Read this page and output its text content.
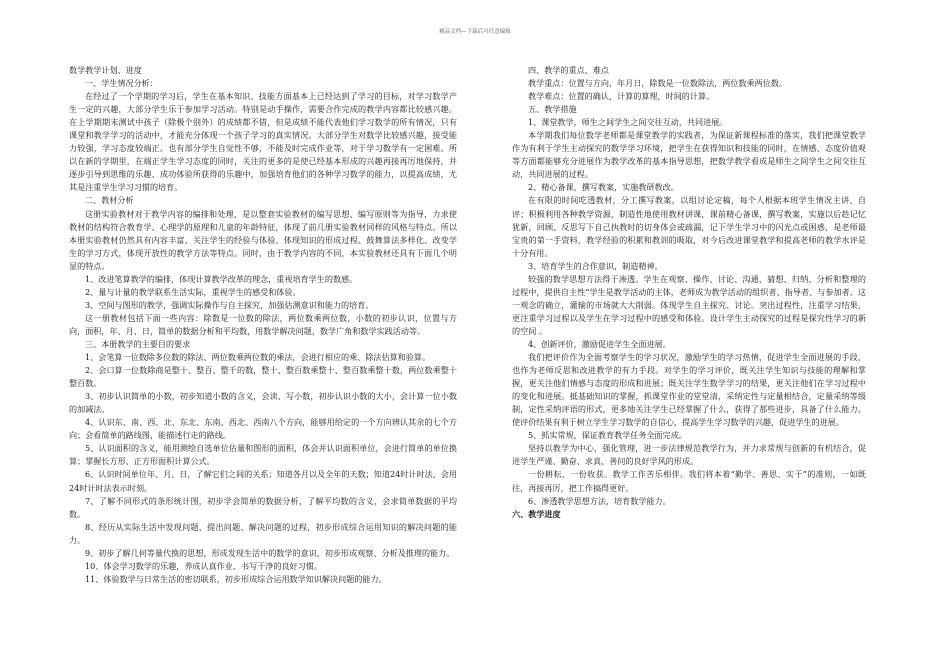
精品文档---下载后可任意编辑

数学教学计划、进度

一、学生情况分析：

在经过了一个学期的学习后，学生在基本知识、技能方面基本上已经达到了学习的目标，对学习数学产生一定的兴趣，大部分学生乐于参加学习活动。特别是动手操作，需要合作完成的教学内容都比较感兴趣。在上学期期末测试中孩子（除极个别外）的成绩都不错，但是成绩不能代表他们学习数学的所有情况，只有课堂和教学学习的活动中，才能充分体现一个孩子学习的真实情况。大部分学生对数学比较感兴趣，接受能力较强，学习态度较端正。也有部分学生自觉性不够，不能及时完成作业等，对于学习数学有一定困难。所以在新的学期里，在端正学生学习态度的同时，关注的更多的是使已经基本形成的兴趣再接再厉地保持，并逐步引导到思维的乐趣、成功体验所获得的乐趣中，加强培育他们的各种学习数学的能力，以提高成绩，尤其是注重学生学习习惯的培育。

二、教材分析

这册实验教材对于教学内容的编排和处理，是以整套实验教材的编写思想、编写原则等为指导，力求使教材的结构符合教育学、心理学的原理和儿童的年龄特征，体现了前几册实验教材同样的风格与特点。所以本册实验教材仍然具有内容丰富、关注学生的经验与体验、体现知识的形成过程、鼓舞算法多样化、改变学生的学习方式，体现开放性的教学方法等特点。同时，由于教学内容的不同，本实验教材还具有下面几个明显的特点。

1、改进笔算教学的编排，体现计算教学改革的理念，重视培育学生的数感。

2、量与计量的教学联系生活实际，重视学生的感受和体验。

3、空间与图形的教学，强调实际操作与自主探究，加强估测意识和能力的培育。

这一册教材包括下面一些内容：除数是一位数的除法，两位数乘两位数，小数的初步认识，位置与方向，面积，年、月、日，简单的数据分析和平均数，用数学解决问题，数学广角和数学实践活动等。

三、本册教学的主要目的要求

1、会笔算一位数除多位数的除法、两位数乘两位数的乘法，会进行相应的乘、除法估算和验算。

2、会口算一位数除商是整十、整百、整千的数，整十、整百数乘整十、整百数乘整十数，两位数乘整十整百数。

3、初步认识简单的小数，初步知道小数的含义，会读、写小数，初步认识小数的大小，会计算一位小数的加减法。

4、认识东、南、西、北、东北、东南、西北、西南八个方向，能够用给定的一个方向辨认其余的七个方向；会看简单的路线图，能描述行走的路线。

5、认识面积的含义，能用测绘自选单位估量和图形的面积，体会并认识面积单位，会进行简单的单位换算；掌握长方形、正方形面积计算公式。

6、认识时间单位年、月、日，了解它们之间的关系；知道各月以及全年的天数；知道24时计时法，会用24时计时法表示时刻。

7、了解不同形式的条形统计图，初步学会简单的数据分析，了解平均数的含义，会求简单数据的平均数。

8、经历从实际生活中发现问题、提出问题、解决问题的过程，初步形成综合运用知识的解决问题的能力。

9、初步了解几何等量代换的思想，形成发现生活中的数学的意识，初步形成观察、分析及推理的能力。

10、体会学习数学的乐趣，养成认真作业、书写干净的良好习惯。

11、体验数学与日常生活的密切联系，初步形成综合运用数学知识解决问题的能力。

四、教学的重点、难点

教学重点：位置与方向，年月日，除数是一位数除法，两位数乘两位数。

教学难点：位置的确认，计算的算理，时间的计算。

五、教学措施

1、课堂教学，师生之间学生之间交往互动，共同进展。

本学期我们每位数学老师都是课堂教学的实践者，为保证新课程标准的落实，我们把课堂教学作为有利于学生主动探究的数学学习环境，把学生在获得知识和技能的同时，在情感、态度价值观等方面都能够充分进展作为教学改革的基本指导思想，把数学教学看成是师生之间学生之间交往互动，共同进展的过程。

2、精心备课，撰写教案，实施教研教改。

在有限的时间吃透教材，分工撰写教案，以组讨论定稿，每个人根据本班学生情况主讲、自评；积极利用各种教学资源，制造性地使用教材讲课，课前精心备课，撰写教案，实施以后趁记忆犹新，回顾、反思写下自己执教时的切身体会或疏漏，记下学生学习中的闪光点或困惑，是老师最宝贵的第一手资料，教学经验的积累和教训的吸取，对今后改进课堂教学和提高老师的教学水评是十分有用。

3、培育学生的合作意识，制造精神。

较强的数学思想方法得于渗透。学生在观察、操作、讨论、沟通、猜想、归纳、分析和整理的过程中，提供自主性“学生是教学活动的主体，老师成为教学活动的组织者、指导者、与参加者。这一观念的确立，灌输的市场就大大削弱。体现学生自主探究、讨论。突出过程性，注重学习结果，更注重学习过程以及学生在学习过程中的感受和体验。设计学生主动探究的过程是探究性学习的新的空间 。

4、创新评价，激励促进学生全面进展。

我们把评价作为全面考察学生的学习状况，激励学生的学习热情，促进学生全面进展的手段，也作为老师反思和改进教学的有力手段。对学生的学习评价，既关注学生知识与技能的理解和掌握，更关注他们情感与态度的形成和进展；既关注学生数学学习的结果，更关注他们在学习过程中的变化和进展。抵基础知识的掌握，抓课堂作业的堂堂清，采纳定性与定量相结合，定量采纳等级制，定性采纳评语的形式，更多地关注学生已经掌握了什么，获得了那些进步，具备了什么能力。使评价结果有利于树立学生学习数学的自信心，提高学生学习数学的兴趣，促进学生的进展。

5、抓实常规，保证教育教学任务全面完成。

坚持以教学为中心，强化管理，进一步法律规范教学行为，并力求常规与创新的有机结合，促进学生严谨、勤奋、求真、善问的良好学风的形成。

一份耕耘，一份收获。教学工作苦乐相伴。我们将本着“勤学、善思、实干”的准则，一如既往，再接再厉，把工作搞得更好。

6、渗透教学思想方法，培育数学能力。

六、教学进度
